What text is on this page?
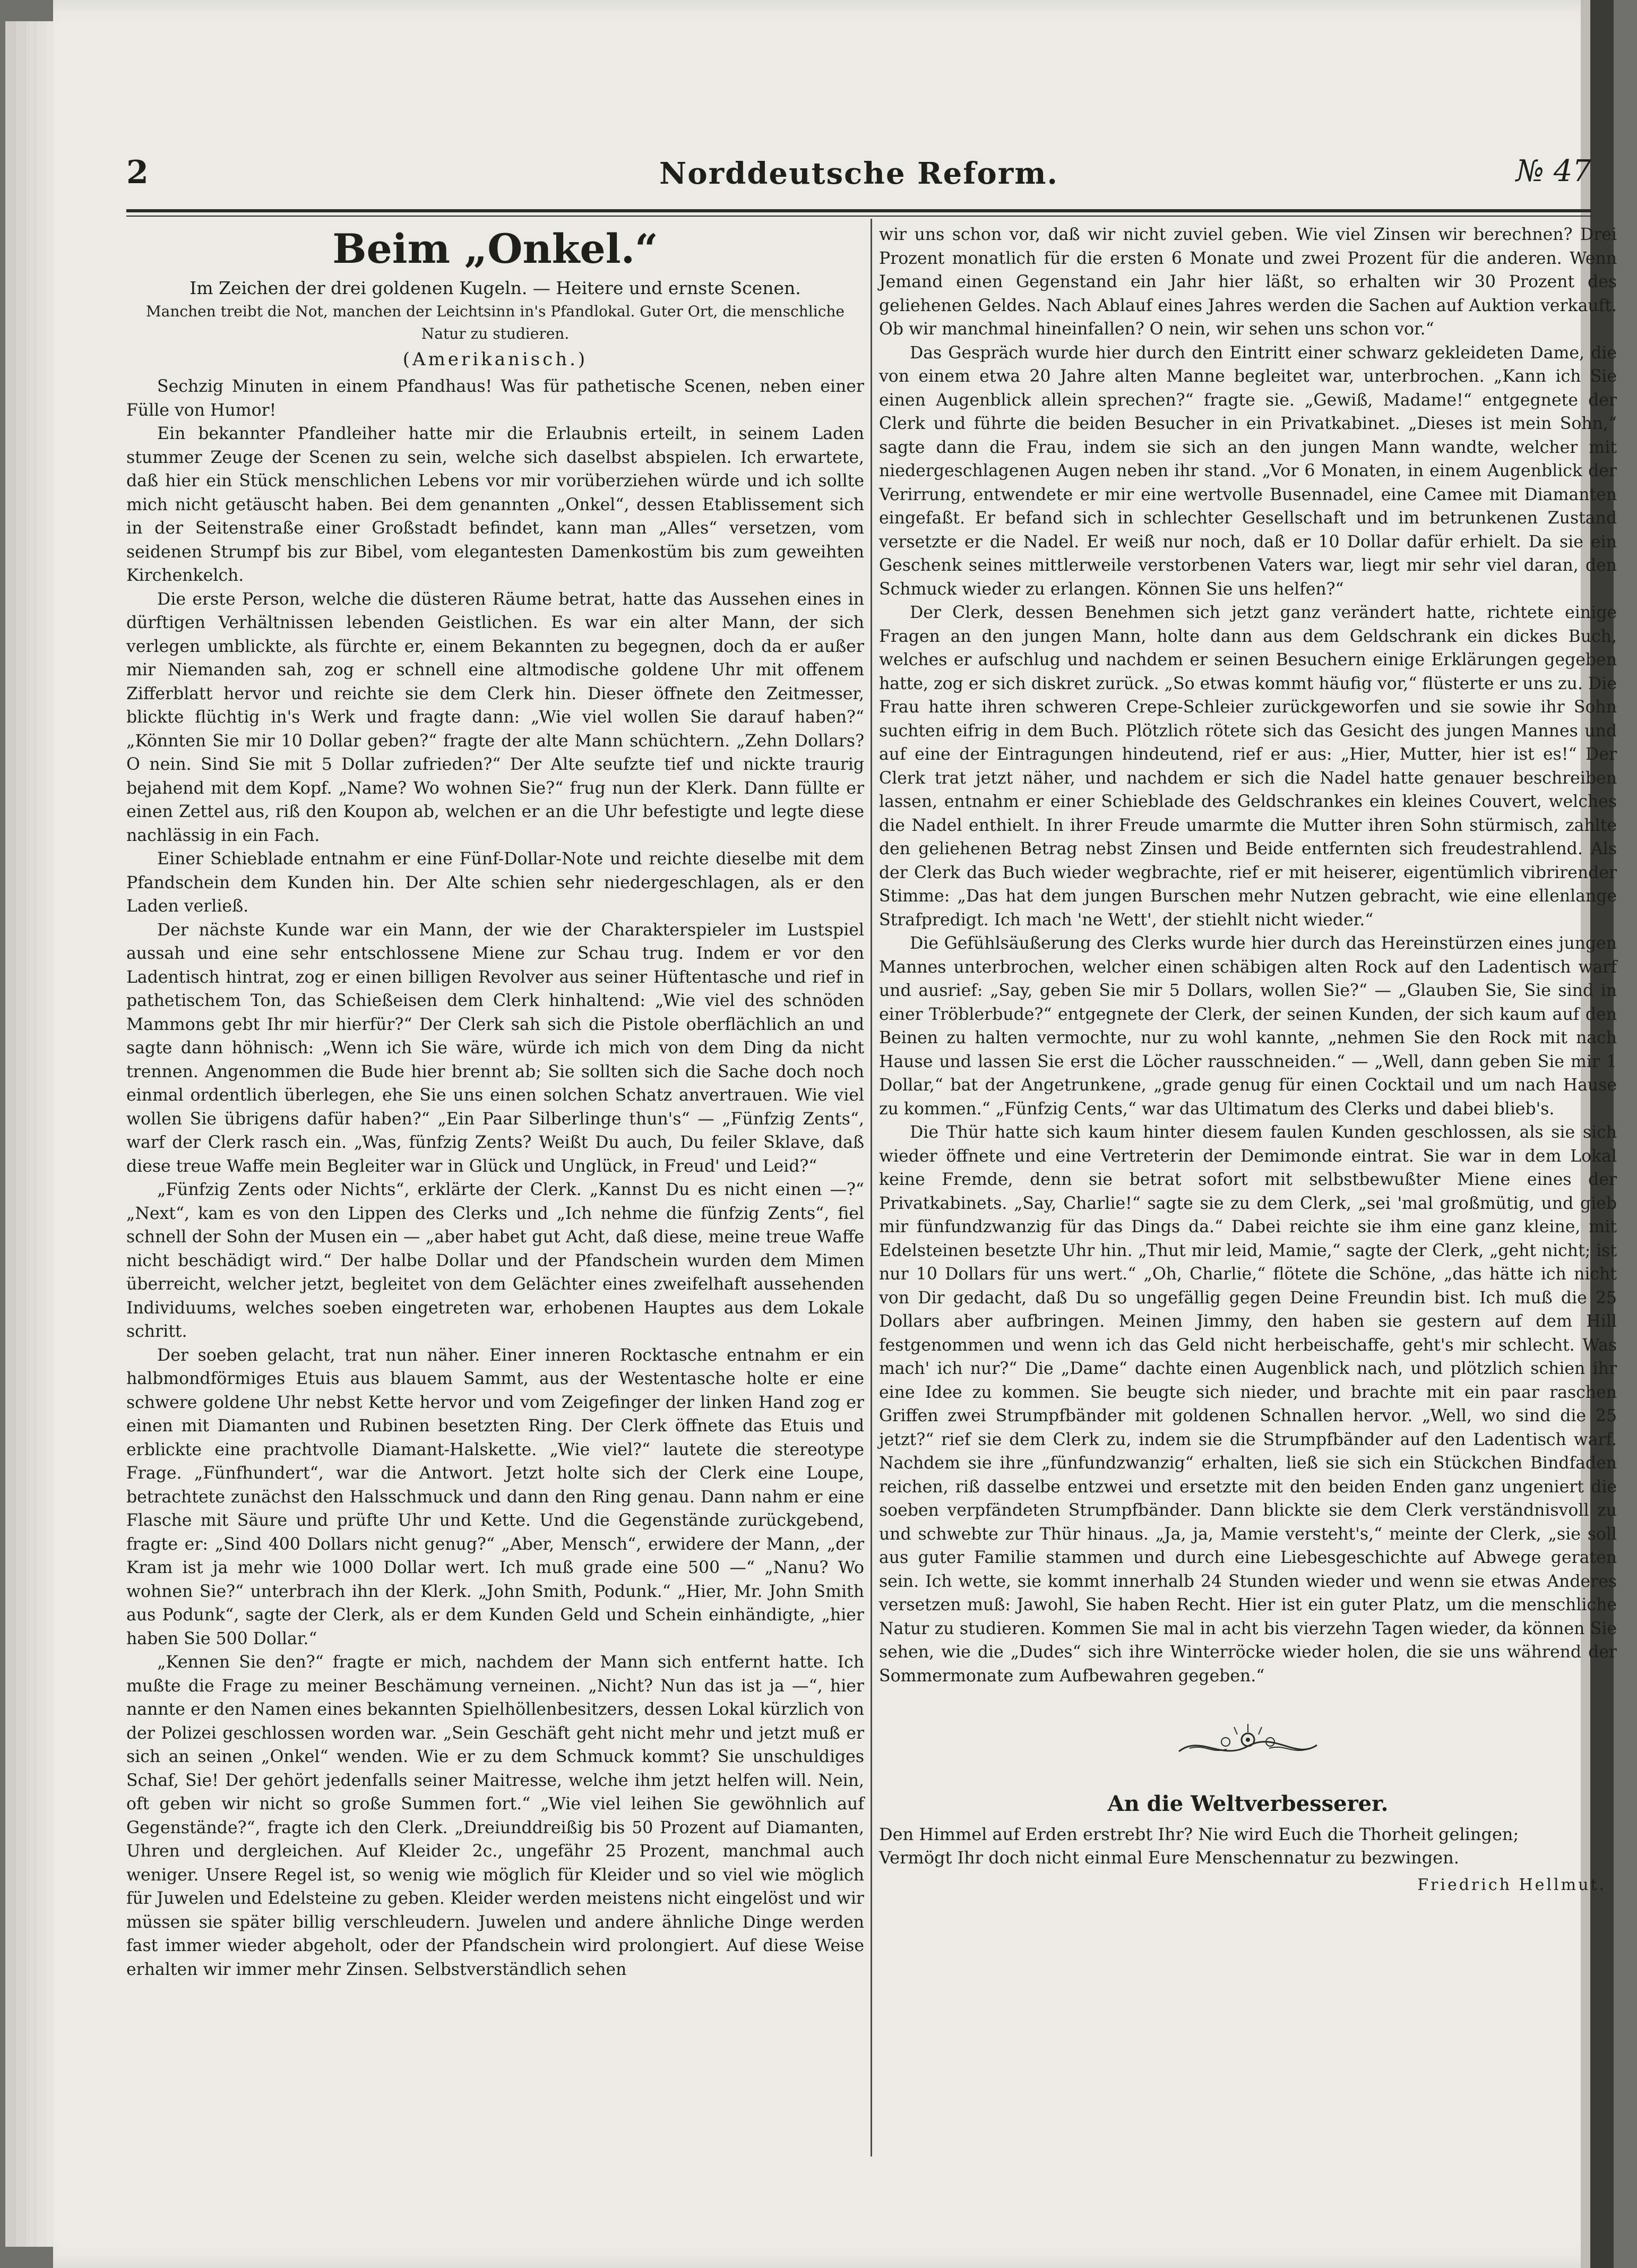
2	Norddeutsche Reform.	№ 47
Beim „Onkel.“
Im Zeichen der drei goldenen Kugeln. — Heitere und ernste Scenen.
Manchen treibt die Not, manchen der Leichtsinn in's Pfandlokal. Guter Ort, die menschliche Natur zu studieren.
(Amerikanisch.)

Sechzig Minuten in einem Pfandhaus! Was für pathetische Scenen, neben einer Fülle von Humor!

Ein bekannter Pfandleiher hatte mir die Erlaubnis erteilt, in seinem Laden stummer Zeuge der Scenen zu sein, welche sich daselbst abspielen. Ich erwartete, daß hier ein Stück menschlichen Lebens vor mir vorüberziehen würde und ich sollte mich nicht getäuscht haben. Bei dem genannten „Onkel“, dessen Etablissement sich in der Seitenstraße einer Großstadt befindet, kann man „Alles“ versetzen, vom seidenen Strumpf bis zur Bibel, vom elegantesten Damenkostüm bis zum geweihten Kirchenkelch.

Die erste Person, welche die düsteren Räume betrat, hatte das Aussehen eines in dürftigen Verhältnissen lebenden Geistlichen. Es war ein alter Mann, der sich verlegen umblickte, als fürchte er, einem Bekannten zu begegnen, doch da er außer mir Niemanden sah, zog er schnell eine altmodische goldene Uhr mit offenem Zifferblatt hervor und reichte sie dem Clerk hin. Dieser öffnete den Zeitmesser, blickte flüchtig in's Werk und fragte dann: „Wie viel wollen Sie darauf haben?“ „Könnten Sie mir 10 Dollar geben?“ fragte der alte Mann schüchtern. „Zehn Dollars? O nein. Sind Sie mit 5 Dollar zufrieden?“ Der Alte seufzte tief und nickte traurig bejahend mit dem Kopf. „Name? Wo wohnen Sie?“ frug nun der Klerk. Dann füllte er einen Zettel aus, riß den Koupon ab, welchen er an die Uhr befestigte und legte diese nachlässig in ein Fach.

Einer Schieblade entnahm er eine Fünf-Dollar-Note und reichte dieselbe mit dem Pfandschein dem Kunden hin. Der Alte schien sehr niedergeschlagen, als er den Laden verließ.

Der nächste Kunde war ein Mann, der wie der Charakterspieler im Lustspiel aussah und eine sehr entschlossene Miene zur Schau trug. Indem er vor den Ladentisch hintrat, zog er einen billigen Revolver aus seiner Hüftentasche und rief in pathetischem Ton, das Schießeisen dem Clerk hinhaltend: „Wie viel des schnöden Mammons gebt Ihr mir hierfür?“ Der Clerk sah sich die Pistole oberflächlich an und sagte dann höhnisch: „Wenn ich Sie wäre, würde ich mich von dem Ding da nicht trennen. Angenommen die Bude hier brennt ab; Sie sollten sich die Sache doch noch einmal ordentlich überlegen, ehe Sie uns einen solchen Schatz anvertrauen. Wie viel wollen Sie übrigens dafür haben?“ „Ein Paar Silberlinge thun's“ — „Fünfzig Zents“, warf der Clerk rasch ein. „Was, fünfzig Zents? Weißt Du auch, Du feiler Sklave, daß diese treue Waffe mein Begleiter war in Glück und Unglück, in Freud' und Leid?“

„Fünfzig Zents oder Nichts“, erklärte der Clerk. „Kannst Du es nicht einen —?“ „Next“, kam es von den Lippen des Clerks und „Ich nehme die fünfzig Zents“, fiel schnell der Sohn der Musen ein — „aber habet gut Acht, daß diese, meine treue Waffe nicht beschädigt wird.“ Der halbe Dollar und der Pfandschein wurden dem Mimen überreicht, welcher jetzt, begleitet von dem Gelächter eines zweifelhaft aussehenden Individuums, welches soeben eingetreten war, erhobenen Hauptes aus dem Lokale schritt.

Der soeben gelacht, trat nun näher. Einer inneren Rocktasche entnahm er ein halbmondförmiges Etuis aus blauem Sammt, aus der Westentasche holte er eine schwere goldene Uhr nebst Kette hervor und vom Zeigefinger der linken Hand zog er einen mit Diamanten und Rubinen besetzten Ring. Der Clerk öffnete das Etuis und erblickte eine prachtvolle Diamant-Halskette. „Wie viel?“ lautete die stereotype Frage. „Fünfhundert“, war die Antwort. Jetzt holte sich der Clerk eine Loupe, betrachtete zunächst den Halsschmuck und dann den Ring genau. Dann nahm er eine Flasche mit Säure und prüfte Uhr und Kette. Und die Gegenstände zurückgebend, fragte er: „Sind 400 Dollars nicht genug?“ „Aber, Mensch“, erwidere der Mann, „der Kram ist ja mehr wie 1000 Dollar wert. Ich muß grade eine 500 —“ „Nanu? Wo wohnen Sie?“ unterbrach ihn der Klerk. „John Smith, Podunk.“ „Hier, Mr. John Smith aus Podunk“, sagte der Clerk, als er dem Kunden Geld und Schein einhändigte, „hier haben Sie 500 Dollar.“

„Kennen Sie den?“ fragte er mich, nachdem der Mann sich entfernt hatte. Ich mußte die Frage zu meiner Beschämung verneinen. „Nicht? Nun das ist ja —“, hier nannte er den Namen eines bekannten Spielhöllenbesitzers, dessen Lokal kürzlich von der Polizei geschlossen worden war. „Sein Geschäft geht nicht mehr und jetzt muß er sich an seinen „Onkel“ wenden. Wie er zu dem Schmuck kommt? Sie unschuldiges Schaf, Sie! Der gehört jedenfalls seiner Maitresse, welche ihm jetzt helfen will. Nein, oft geben wir nicht so große Summen fort.“ „Wie viel leihen Sie gewöhnlich auf Gegenstände?“, fragte ich den Clerk. „Dreiunddreißig bis 50 Prozent auf Diamanten, Uhren und dergleichen. Auf Kleider 2c., ungefähr 25 Prozent, manchmal auch weniger. Unsere Regel ist, so wenig wie möglich für Kleider und so viel wie möglich für Juwelen und Edelsteine zu geben. Kleider werden meistens nicht eingelöst und wir müssen sie später billig verschleudern. Juwelen und andere ähnliche Dinge werden fast immer wieder abgeholt, oder der Pfandschein wird prolongiert. Auf diese Weise erhalten wir immer mehr Zinsen. Selbstverständlich sehen

wir uns schon vor, daß wir nicht zuviel geben. Wie viel Zinsen wir berechnen? Drei Prozent monatlich für die ersten 6 Monate und zwei Prozent für die anderen. Wenn Jemand einen Gegenstand ein Jahr hier läßt, so erhalten wir 30 Prozent des geliehenen Geldes. Nach Ablauf eines Jahres werden die Sachen auf Auktion verkauft. Ob wir manchmal hineinfallen? O nein, wir sehen uns schon vor.“

Das Gespräch wurde hier durch den Eintritt einer schwarz gekleideten Dame, die von einem etwa 20 Jahre alten Manne begleitet war, unterbrochen. „Kann ich Sie einen Augenblick allein sprechen?“ fragte sie. „Gewiß, Madame!“ entgegnete der Clerk und führte die beiden Besucher in ein Privatkabinet. „Dieses ist mein Sohn,“ sagte dann die Frau, indem sie sich an den jungen Mann wandte, welcher mit niedergeschlagenen Augen neben ihr stand. „Vor 6 Monaten, in einem Augenblick der Verirrung, entwendete er mir eine wertvolle Busennadel, eine Camee mit Diamanten eingefaßt. Er befand sich in schlechter Gesellschaft und im betrunkenen Zustand versetzte er die Nadel. Er weiß nur noch, daß er 10 Dollar dafür erhielt. Da sie ein Geschenk seines mittlerweile verstorbenen Vaters war, liegt mir sehr viel daran, den Schmuck wieder zu erlangen. Können Sie uns helfen?“

Der Clerk, dessen Benehmen sich jetzt ganz verändert hatte, richtete einige Fragen an den jungen Mann, holte dann aus dem Geldschrank ein dickes Buch, welches er aufschlug und nachdem er seinen Besuchern einige Erklärungen gegeben hatte, zog er sich diskret zurück. „So etwas kommt häufig vor,“ flüsterte er uns zu. Die Frau hatte ihren schweren Crepe-Schleier zurückgeworfen und sie sowie ihr Sohn suchten eifrig in dem Buch. Plötzlich rötete sich das Gesicht des jungen Mannes und auf eine der Eintragungen hindeutend, rief er aus: „Hier, Mutter, hier ist es!“ Der Clerk trat jetzt näher, und nachdem er sich die Nadel hatte genauer beschreiben lassen, entnahm er einer Schieblade des Geldschrankes ein kleines Couvert, welches die Nadel enthielt. In ihrer Freude umarmte die Mutter ihren Sohn stürmisch, zahlte den geliehenen Betrag nebst Zinsen und Beide entfernten sich freudestrahlend. Als der Clerk das Buch wieder wegbrachte, rief er mit heiserer, eigentümlich vibrirender Stimme: „Das hat dem jungen Burschen mehr Nutzen gebracht, wie eine ellenlange Strafpredigt. Ich mach 'ne Wett', der stiehlt nicht wieder.“

Die Gefühlsäußerung des Clerks wurde hier durch das Hereinstürzen eines jungen Mannes unterbrochen, welcher einen schäbigen alten Rock auf den Ladentisch warf und ausrief: „Say, geben Sie mir 5 Dollars, wollen Sie?“ — „Glauben Sie, Sie sind in einer Tröblerbude?“ entgegnete der Clerk, der seinen Kunden, der sich kaum auf den Beinen zu halten vermochte, nur zu wohl kannte, „nehmen Sie den Rock mit nach Hause und lassen Sie erst die Löcher rausschneiden.“ — „Well, dann geben Sie mir 1 Dollar,“ bat der Angetrunkene, „grade genug für einen Cocktail und um nach Hause zu kommen.“ „Fünfzig Cents,“ war das Ultimatum des Clerks und dabei blieb's.

Die Thür hatte sich kaum hinter diesem faulen Kunden geschlossen, als sie sich wieder öffnete und eine Vertreterin der Demimonde eintrat. Sie war in dem Lokal keine Fremde, denn sie betrat sofort mit selbstbewußter Miene eines der Privatkabinets. „Say, Charlie!“ sagte sie zu dem Clerk, „sei 'mal großmütig, und gieb mir fünfundzwanzig für das Dings da.“ Dabei reichte sie ihm eine ganz kleine, mit Edelsteinen besetzte Uhr hin. „Thut mir leid, Mamie,“ sagte der Clerk, „geht nicht; ist nur 10 Dollars für uns wert.“ „Oh, Charlie,“ flötete die Schöne, „das hätte ich nicht von Dir gedacht, daß Du so ungefällig gegen Deine Freundin bist. Ich muß die 25 Dollars aber aufbringen. Meinen Jimmy, den haben sie gestern auf dem Hill festgenommen und wenn ich das Geld nicht herbeischaffe, geht's mir schlecht. Was mach' ich nur?“ Die „Dame“ dachte einen Augenblick nach, und plötzlich schien ihr eine Idee zu kommen. Sie beugte sich nieder, und brachte mit ein paar raschen Griffen zwei Strumpfbänder mit goldenen Schnallen hervor. „Well, wo sind die 25 jetzt?“ rief sie dem Clerk zu, indem sie die Strumpfbänder auf den Ladentisch warf. Nachdem sie ihre „fünfundzwanzig“ erhalten, ließ sie sich ein Stückchen Bindfaden reichen, riß dasselbe entzwei und ersetzte mit den beiden Enden ganz ungeniert die soeben verpfändeten Strumpfbänder. Dann blickte sie dem Clerk verständnisvoll zu und schwebte zur Thür hinaus. „Ja, ja, Mamie versteht's,“ meinte der Clerk, „sie soll aus guter Familie stammen und durch eine Liebesgeschichte auf Abwege geraten sein. Ich wette, sie kommt innerhalb 24 Stunden wieder und wenn sie etwas Anderes versetzen muß: Jawohl, Sie haben Recht. Hier ist ein guter Platz, um die menschliche Natur zu studieren. Kommen Sie mal in acht bis vierzehn Tagen wieder, da können Sie sehen, wie die „Dudes“ sich ihre Winterröcke wieder holen, die sie uns während der Sommermonate zum Aufbewahren gegeben.“

An die Weltverbesserer.

Den Himmel auf Erden erstrebt Ihr? Nie wird Euch die Thorheit gelingen;

Vermögt Ihr doch nicht einmal Eure Menschennatur zu bezwingen.

Friedrich Hellmut.
